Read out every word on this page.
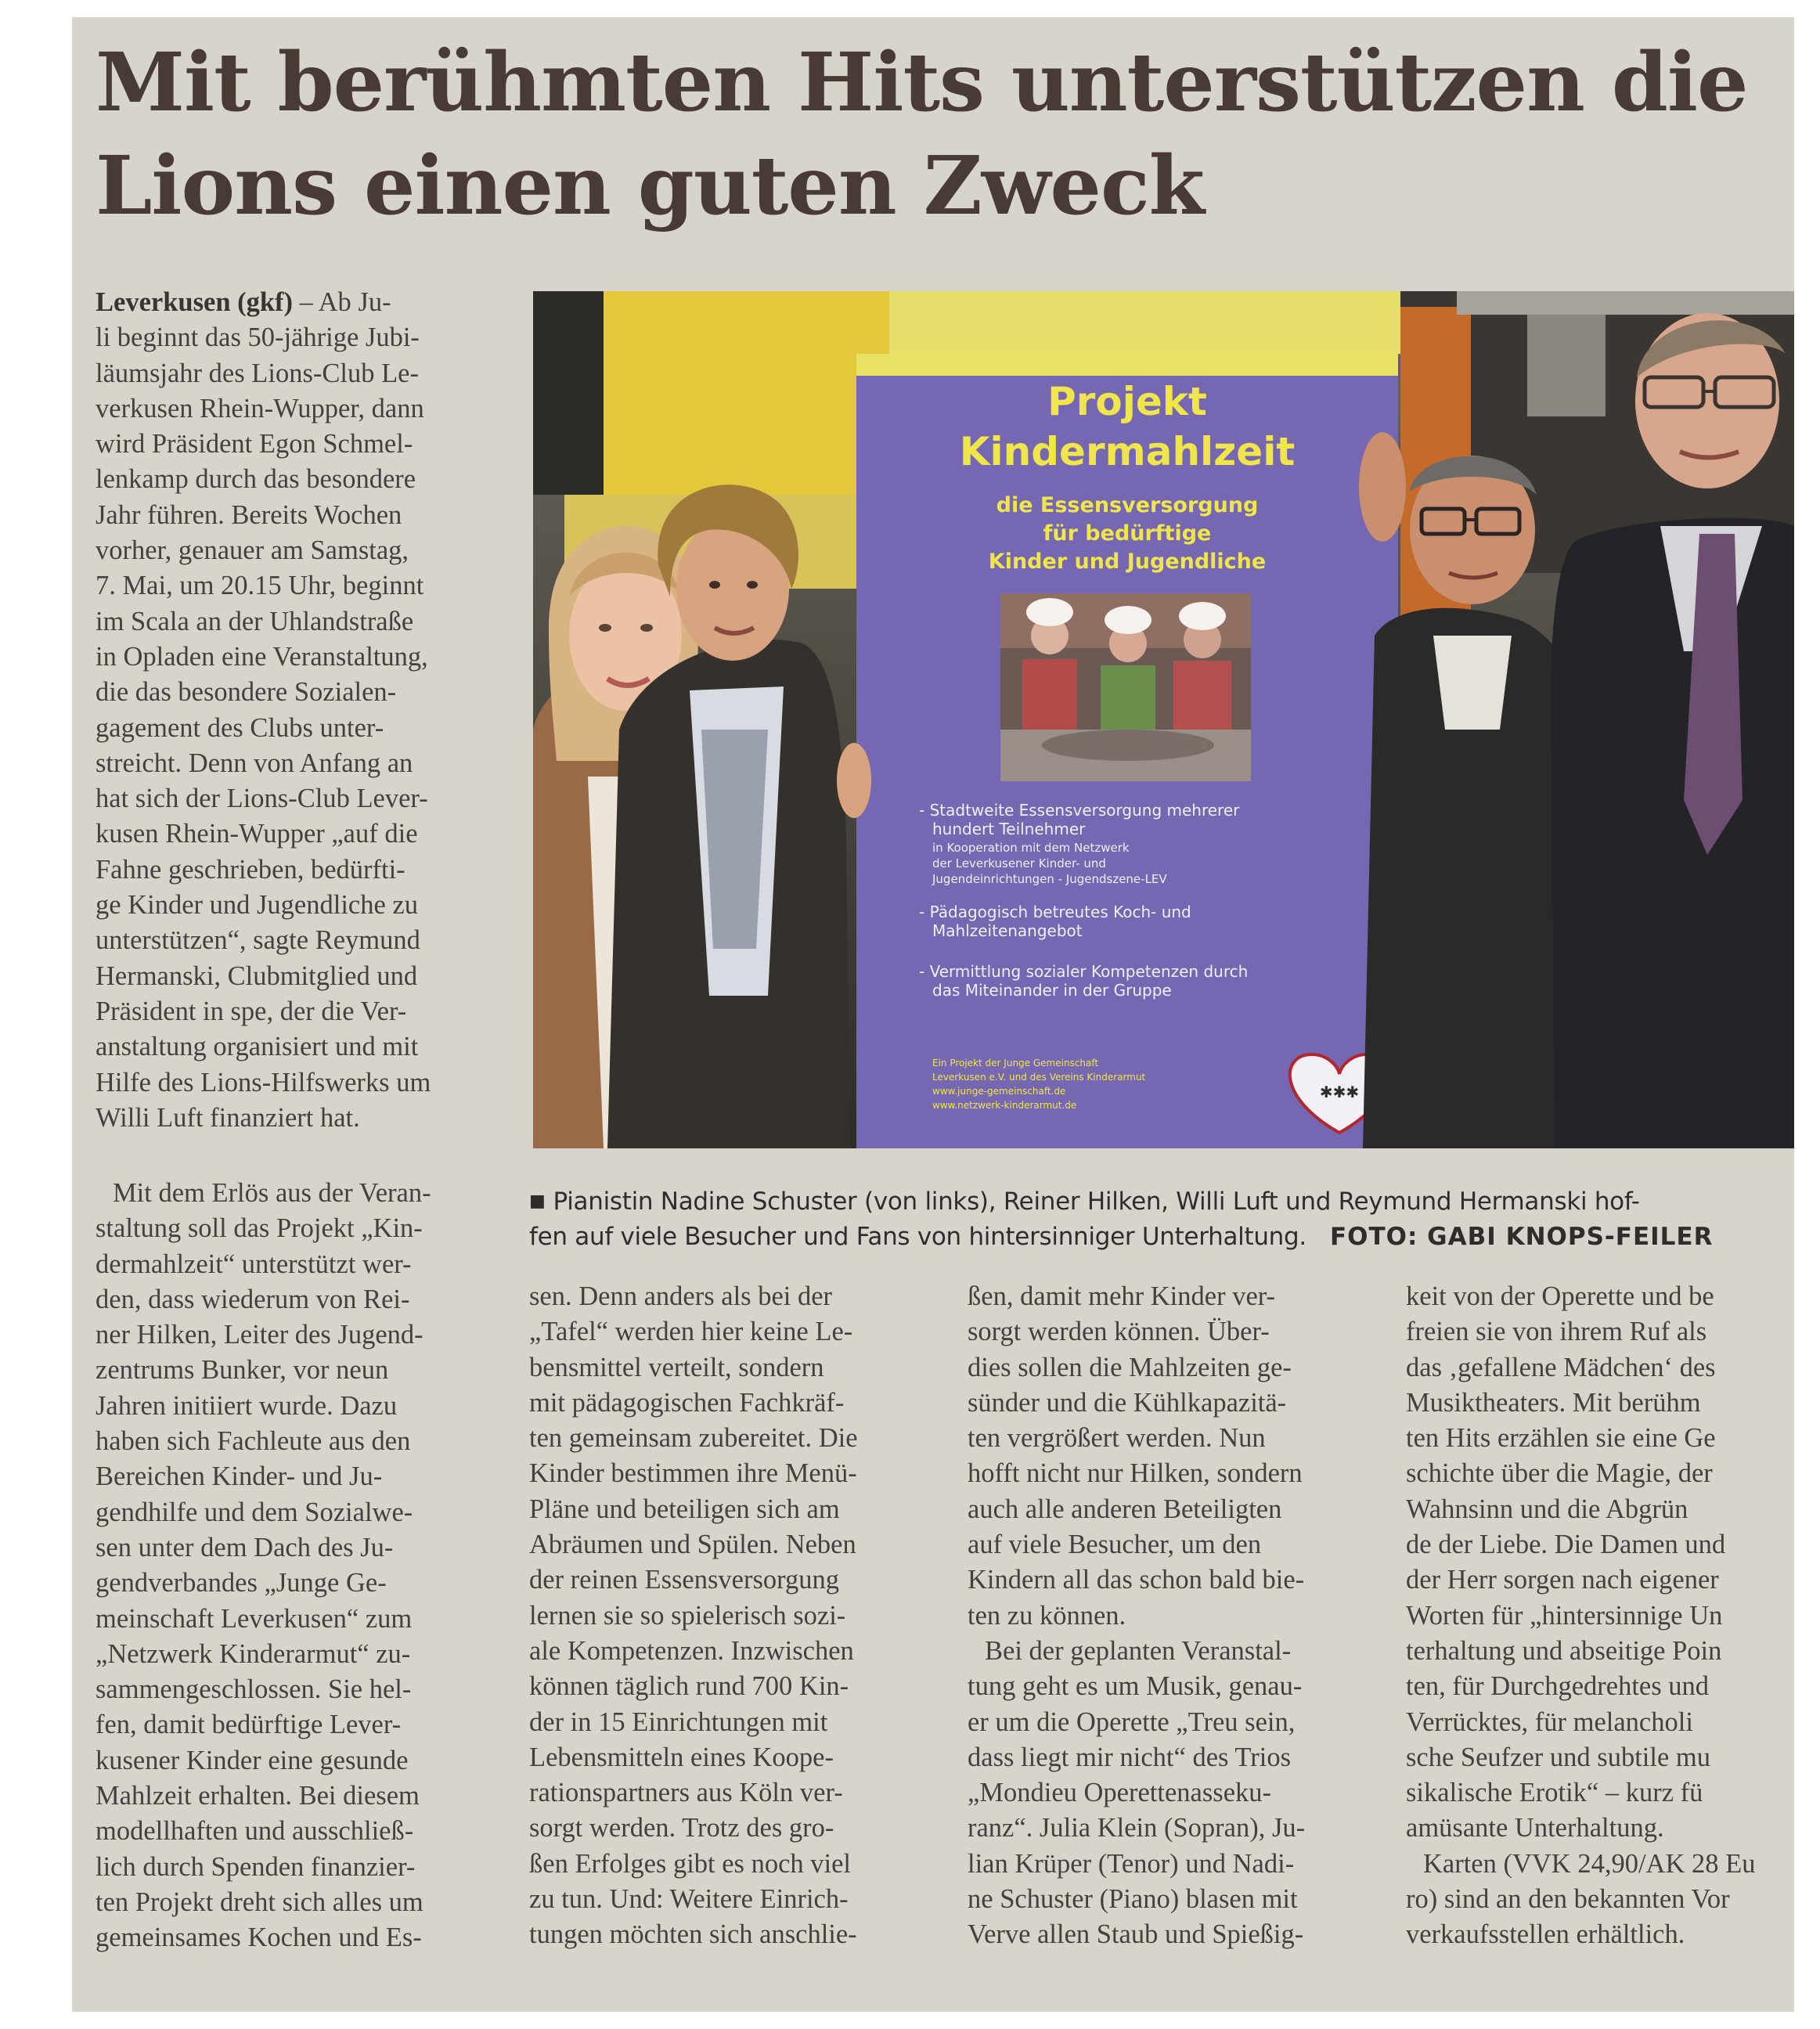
Mit berühmten Hits unterstützen die Lions einen guten Zweck

Leverkusen (gkf) – Ab Ju-

li beginnt das 50-jährige Jubi-
läumsjahr des Lions-Club Le-
verkusen Rhein-Wupper, dann
wird Präsident Egon Schmel-
lenkamp durch das besondere
Jahr führen. Bereits Wochen
vorher, genauer am Samstag,
7. Mai, um 20.15 Uhr, beginnt
im Scala an der Uhlandstraße
in Opladen eine Veranstaltung,
die das besondere Sozialen-
gagement des Clubs unter-
streicht. Denn von Anfang an
hat sich der Lions-Club Lever-
kusen Rhein-Wupper „auf die
Fahne geschrieben, bedürfti-
ge Kinder und Jugendliche zu
unterstützen“, sagte Reymund
Hermanski, Clubmitglied und
Präsident in spe, der die Ver-
anstaltung organisiert und mit
Hilfe des Lions-Hilfswerks um
Willi Luft finanziert hat.
Projekt
Kindermahlzeit
die Essensversorgung
für bedürftige
Kinder und Jugendliche
- Stadtweite Essensversorgung mehrerer
hundert Teilnehmer
in Kooperation mit dem Netzwerk
der Leverkusener Kinder- und
Jugendeinrichtungen - Jugendszene-LEV
- Pädagogisch betreutes Koch- und
Mahlzeitenangebot
- Vermittlung sozialer Kompetenzen durch
das Miteinander in der Gruppe
Ein Projekt der Junge Gemeinschaft
Leverkusen e.V. und des Vereins Kinderarmut
www.junge-gemeinschaft.de
www.netzwerk-kinderarmut.de
✱✱✱

■ Pianistin Nadine Schuster (von links), Reiner Hilken, Willi Luft und Reymund Hermanski hof-
fen auf viele Besucher und Fans von hintersinniger Unterhaltung. FOTO: GABI KNOPS-FEILER

Mit dem Erlös aus der Veran-
staltung soll das Projekt „Kin-
dermahlzeit“ unterstützt wer-
den, dass wiederum von Rei-
ner Hilken, Leiter des Jugend-
zentrums Bunker, vor neun
Jahren initiiert wurde. Dazu
haben sich Fachleute aus den
Bereichen Kinder- und Ju-
gendhilfe und dem Sozialwe-
sen unter dem Dach des Ju-
gendverbandes „Junge Ge-
meinschaft Leverkusen“ zum
„Netzwerk Kinderarmut“ zu-
sammengeschlossen. Sie hel-
fen, damit bedürftige Lever-
kusener Kinder eine gesunde
Mahlzeit erhalten. Bei diesem
modellhaften und ausschließ-
lich durch Spenden finanzier-
ten Projekt dreht sich alles um
gemeinsames Kochen und Es-
sen. Denn anders als bei der
„Tafel“ werden hier keine Le-
bensmittel verteilt, sondern
mit pädagogischen Fachkräf-
ten gemeinsam zubereitet. Die
Kinder bestimmen ihre Menü-
Pläne und beteiligen sich am
Abräumen und Spülen. Neben
der reinen Essensversorgung
lernen sie so spielerisch sozi-
ale Kompetenzen. Inzwischen
können täglich rund 700 Kin-
der in 15 Einrichtungen mit
Lebensmitteln eines Koope-
rationspartners aus Köln ver-
sorgt werden. Trotz des gro-
ßen Erfolges gibt es noch viel
zu tun. Und: Weitere Einrich-
tungen möchten sich anschlie-
ßen, damit mehr Kinder ver-
sorgt werden können. Über-
dies sollen die Mahlzeiten ge-
sünder und die Kühlkapazitä-
ten vergrößert werden. Nun
hofft nicht nur Hilken, sondern
auch alle anderen Beteiligten
auf viele Besucher, um den
Kindern all das schon bald bie-
ten zu können.
Bei der geplanten Veranstal-
tung geht es um Musik, genau-
er um die Operette „Treu sein,
dass liegt mir nicht“ des Trios
„Mondieu Operettenasseku-
ranz“. Julia Klein (Sopran), Ju-
lian Krüper (Tenor) und Nadi-
ne Schuster (Piano) blasen mit
Verve allen Staub und Spießig-
keit von der Operette und be
freien sie von ihrem Ruf als
das ‚gefallene Mädchen‘ des
Musiktheaters. Mit berühm
ten Hits erzählen sie eine Ge
schichte über die Magie, der
Wahnsinn und die Abgrün
de der Liebe. Die Damen und
der Herr sorgen nach eigener
Worten für „hintersinnige Un
terhaltung und abseitige Poin
ten, für Durchgedrehtes und
Verrücktes, für melancholi
sche Seufzer und subtile mu
sikalische Erotik“ – kurz fü
amüsante Unterhaltung.
Karten (VVK 24,90/AK 28 Eu
ro) sind an den bekannten Vor
verkaufsstellen erhältlich.
